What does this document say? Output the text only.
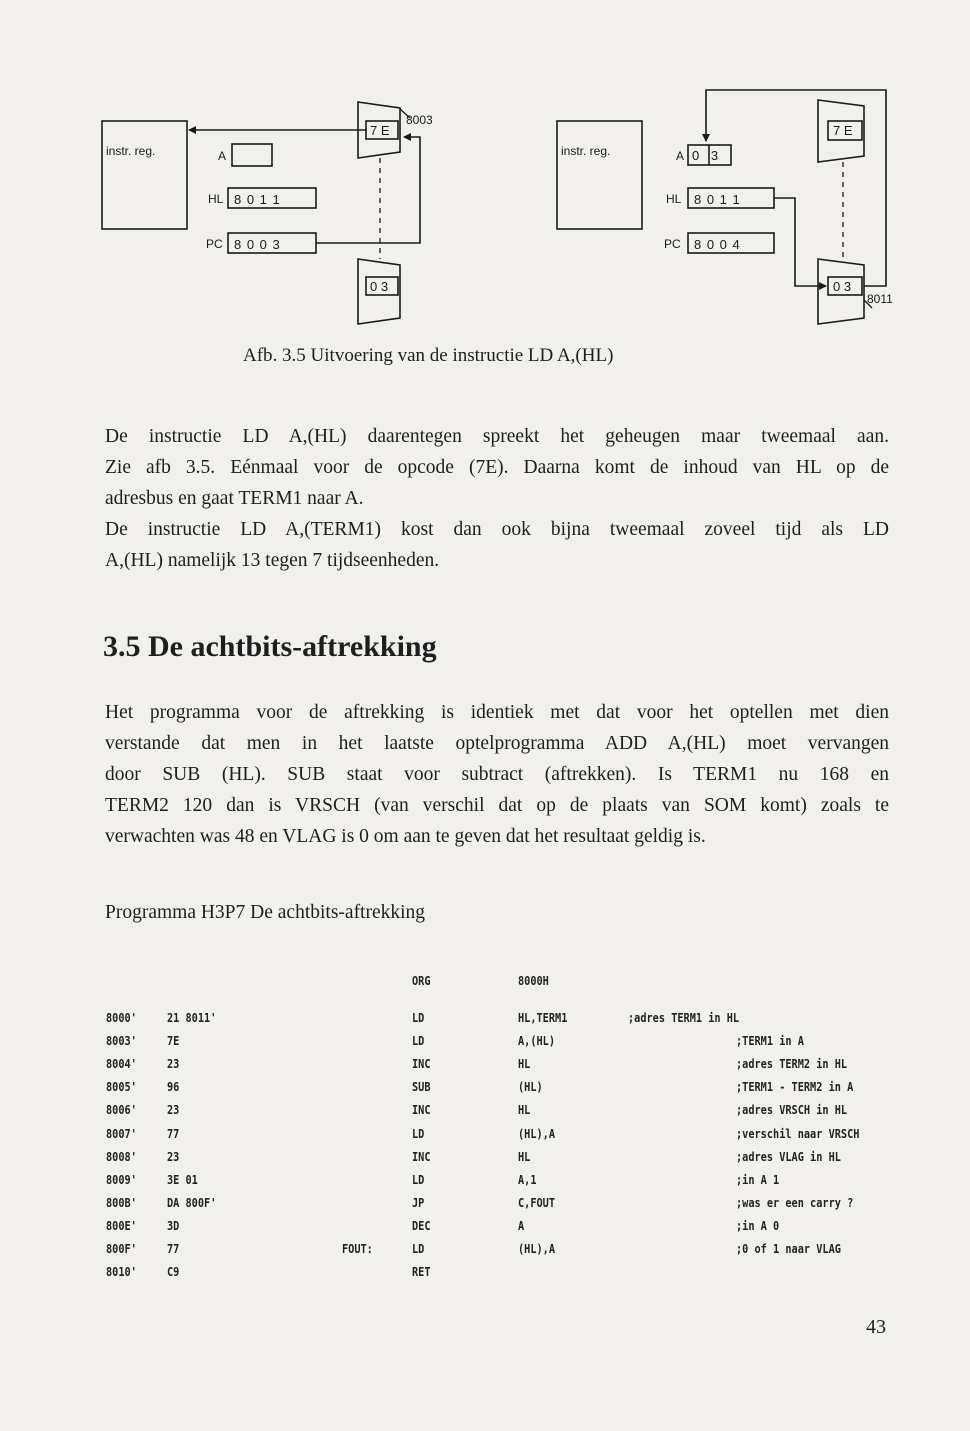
instr. reg.	A
HL 8 0 1 1
PC 8 0 0 3
7 E
8003
0 3
instr. reg.	A 0 3
HL 8 0 1 1
PC 8 0 0 4
7 E
0 3
8011
Afb. 3.5 Uitvoering van de instructie LD A,(HL)

De instructie LD A,(HL) daarentegen spreekt het geheugen maar tweemaal aan.
Zie afb 3.5. Eénmaal voor de opcode (7E). Daarna komt de inhoud van HL op de
adresbus en gaat TERM1 naar A.
De instructie LD A,(TERM1) kost dan ook bijna tweemaal zoveel tijd als LD
A,(HL) namelijk 13 tegen 7 tijdseenheden.

3.5 De achtbits-aftrekking

Het programma voor de aftrekking is identiek met dat voor het optellen met dien
verstande dat men in het laatste optelprogramma ADD A,(HL) moet vervangen
door SUB (HL). SUB staat voor subtract (aftrekken). Is TERM1 nu 168 en
TERM2 120 dan is VRSCH (van verschil dat op de plaats van SOM komt) zoals te
verwachten was 48 en VLAG is 0 om aan te geven dat het resultaat geldig is.

Programma H3P7 De achtbits-aftrekking
ORG	8000H
8000' 21 8011'	LD	HL,TERM1	;adres TERM1 in HL
8003' 7E	LD	A,(HL)	;TERM1 in A
8004' 23	INC	HL	;adres TERM2 in HL
8005' 96	SUB	(HL)	;TERM1 - TERM2 in A
8006' 23	INC	HL	;adres VRSCH in HL
8007' 77	LD	(HL),A	;verschil naar VRSCH
8008' 23	INC	HL	;adres VLAG in HL
8009' 3E 01	LD	A,1	;in A 1
800B' DA 800F'	JP	C,FOUT	;was er een carry ?
800E' 3D	DEC	A	;in A 0
800F' 77	FOUT:	LD	(HL),A	;0 of 1 naar VLAG
8010' C9	RET
43
